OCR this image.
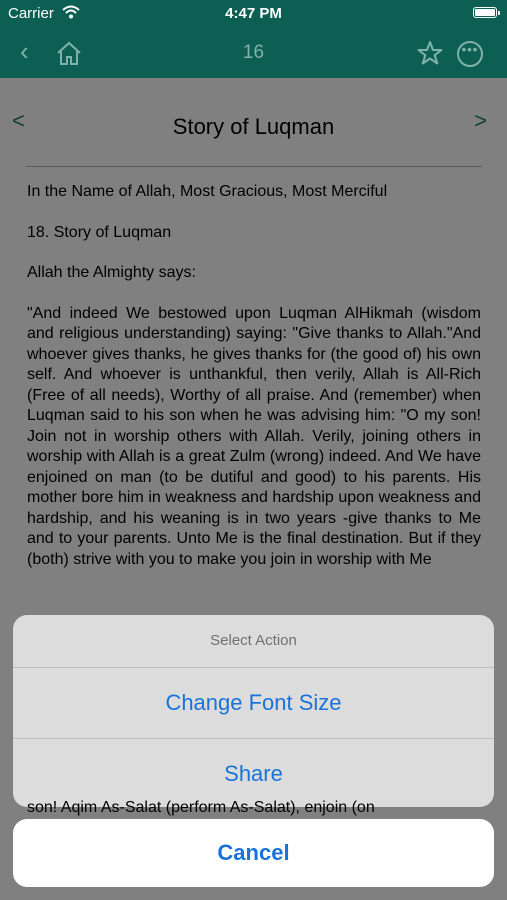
Carrier	4:47 PM
‹	16	•••
<	Story of Luqman	>

In the Name of Allah, Most Gracious, Most Merciful

18. Story of Luqman

Allah the Almighty says:

"And indeed We bestowed upon Luqman AlHikmah (wisdom and religious understanding) saying: "Give thanks to Allah."And whoever gives thanks, he gives thanks for (the good of) his own self. And whoever is unthankful, then verily, Allah is All-Rich (Free of all needs), Worthy of all praise. And (remember) when Luqman said to his son when he was advising him: "O my son! Join not in worship others with Allah. Verily, joining others in worship with Allah is a great Zulm (wrong) indeed. And We have enjoined on man (to be dutiful and good) to his parents. His mother bore him in weakness and hardship upon weakness and hardship, and his weaning is in two years -give thanks to Me and to your parents. Unto Me is the final destination. But if they (both) strive with you to make you join in worship with Me

Select Action
Change Font Size
Share
son! Aqim As-Salat (perform As-Salat), enjoin (on
Cancel
